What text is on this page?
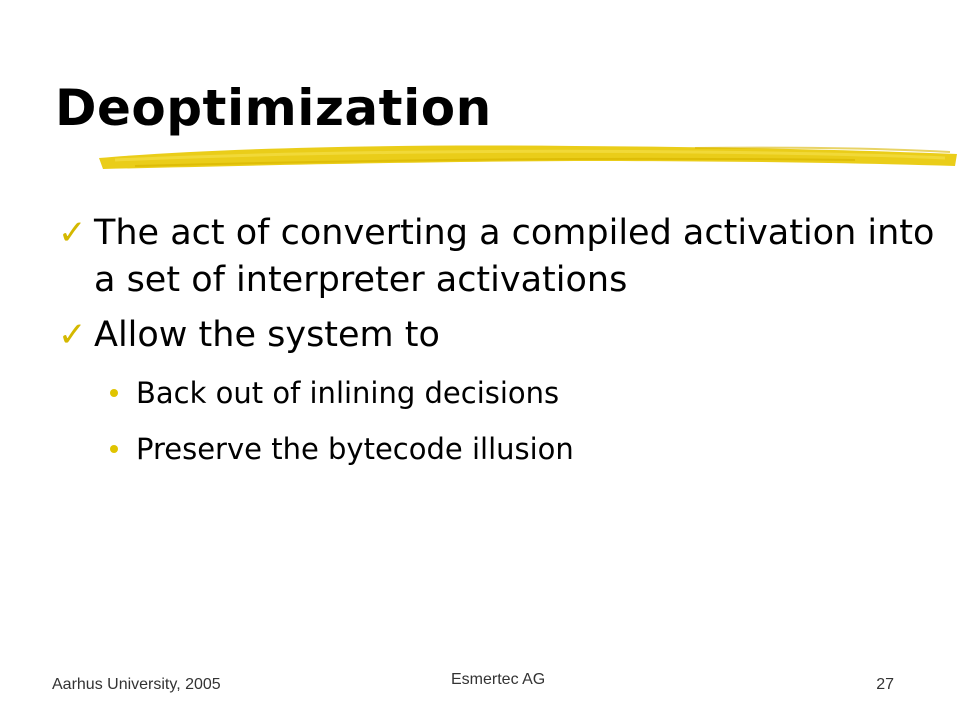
Deoptimization
✓ The act of converting a compiled activation into a set of interpreter activations
✓ Allow the system to
Back out of inlining decisions
Preserve the bytecode illusion
Aarhus University, 2005	Esmertec AG	27
